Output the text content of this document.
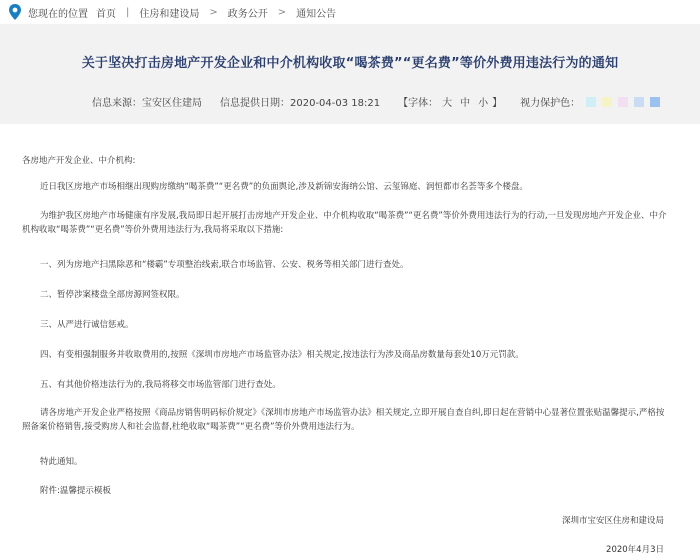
您现在的位置 首页 | 住房和建设局 > 政务公开 > 通知公告
关于坚决打击房地产开发企业和中介机构收取“喝茶费”“更名费”等价外费用违法行为的通知
信息来源：宝安区住建局 信息提供日期：2020-04-03 18:21 【字体： 大 中 小 】 视力保护色：
各房地产开发企业、中介机构:
近日我区房地产市场相继出现购房缴纳“喝茶费”“更名费”的负面舆论,涉及新锦安海纳公馆、云玺锦庭、润恒都市名荟等多个楼盘。
为维护我区房地产市场健康有序发展,我局即日起开展打击房地产开发企业、中介机构收取“喝茶费”“更名费”等价外费用违法行为的行动,一旦发现房地产开发企业、中介机构收取“喝茶费”“更名费”等价外费用违法行为,我局将采取以下措施:
一、列为房地产扫黑除恶和“楼霸”专项整治线索,联合市场监管、公安、税务等相关部门进行查处。
二、暂停涉案楼盘全部房源网签权限。
三、从严进行诚信惩戒。
四、有变相强制服务并收取费用的,按照《深圳市房地产市场监管办法》相关规定,按违法行为涉及商品房数量每套处10万元罚款。
五、有其他价格违法行为的,我局将移交市场监管部门进行查处。
请各房地产开发企业严格按照《商品房销售明码标价规定》《深圳市房地产市场监管办法》相关规定,立即开展自查自纠,即日起在营销中心显著位置张贴温馨提示,严格按照备案价格销售,接受购房人和社会监督,杜绝收取“喝茶费”“更名费”等价外费用违法行为。
特此通知。
附件:温馨提示模板
深圳市宝安区住房和建设局
2020年4月3日
